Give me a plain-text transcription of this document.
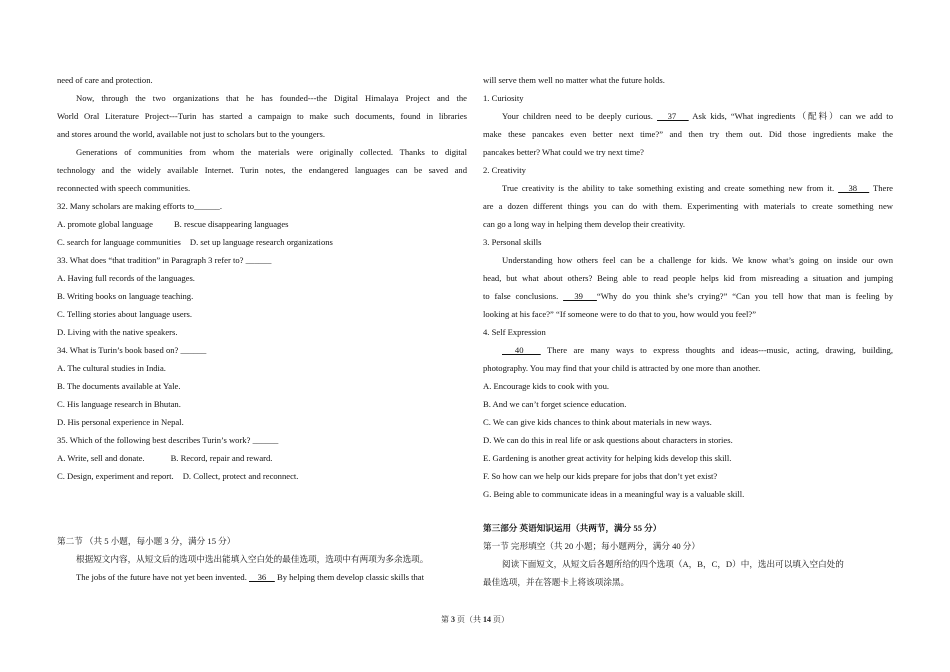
need of care and protection.
Now, through the two organizations that he has founded---the Digital Himalaya Project and the
World Oral Literature Project---Turin has started a campaign to make such documents, found in libraries
and stores around the world, available not just to scholars but to the youngers.
Generations of communities from whom the materials were originally collected. Thanks to digital
technology and the widely available Internet. Turin notes, the endangered languages can be saved and
reconnected with speech communities.
32. Many scholars are making efforts to______.
A. promote global language B. rescue disappearing languages
C. search for language communities D. set up language research organizations
33. What does “that tradition” in Paragraph 3 refer to? ______
A. Having full records of the languages.
B. Writing books on language teaching.
C. Telling stories about language users.
D. Living with the native speakers.
34. What is Turin’s book based on? ______
A. The cultural studies in India.
B. The documents available at Yale.
C. His language research in Bhutan.
D. His personal experience in Nepal.
35. Which of the following best describes Turin’s work? ______
A. Write, sell and donate.	B. Record, repair and reward.
C. Design, experiment and report. D. Collect, protect and reconnect.
第二节 （共 5 小题，每小题 3 分，满分 15 分）
根据短文内容，从短文后的选项中选出能填入空白处的最佳选项，选项中有两项为多余选项。
The jobs of the future have not yet been invented. 　36　 By helping them develop classic skills that
will serve them well no matter what the future holds.
1. Curiosity
Your children need to be deeply curious. 　37　 Ask kids, “What ingredients（配料）can we add to
make these pancakes even better next time?” and then try them out. Did those ingredients make the
pancakes better? What could we try next time?
2. Creativity
True creativity is the ability to take something existing and create something new from it. 　38　 There
are a dozen different things you can do with them. Experimenting with materials to create something new
can go a long way in helping them develop their creativity.
3. Personal skills
Understanding how others feel can be a challenge for kids. We know what’s going on inside our own
head, but what about others? Being able to read people helps kid from misreading a situation and jumping
to false conclusions. 　39　“Why do you think she’s crying?” “Can you tell how that man is feeling by
looking at his face?” “If someone were to do that to you, how would you feel?”
4. Self Expression
　40　 There are many ways to express thoughts and ideas---music, acting, drawing, building,
photography. You may find that your child is attracted by one more than another.
A. Encourage kids to cook with you.
B. And we can’t forget science education.
C. We can give kids chances to think about materials in new ways.
D. We can do this in real life or ask questions about characters in stories.
E. Gardening is another great activity for helping kids develop this skill.
F. So how can we help our kids prepare for jobs that don’t yet exist?
G. Being able to communicate ideas in a meaningful way is a valuable skill.
第三部分 英语知识运用（共两节，满分 55 分）
第一节 完形填空（共 20 小题；每小题两分，满分 40 分）
阅读下面短文，从短文后各题所给的四个选项（A，B，C，D）中，选出可以填入空白处的
最佳选项，并在答题卡上将该项涂黑。
第 3 页（共 14 页）
